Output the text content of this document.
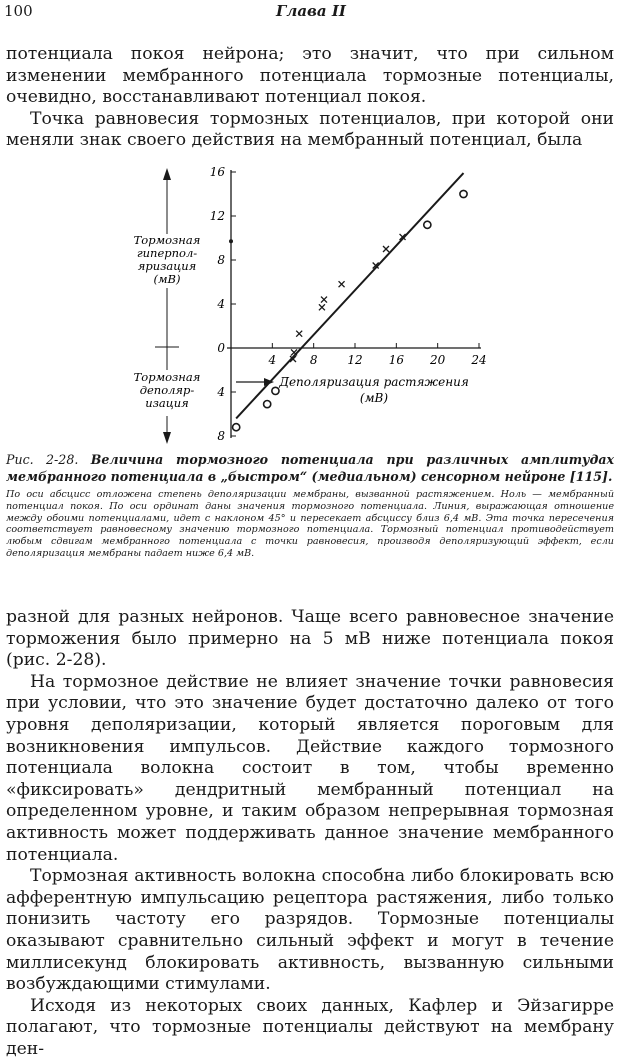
100	Глава II

потенциала покоя нейрона; это значит, что при сильном изменении мембранного потенциала тормозные потенциалы, очевидно, восстанавливают потенциал покоя.

Точка равновесия тормозных потенциалов, при которой они меняли знак своего действия на мембранный потенциал, была

Тормозная
гиперпол-
яризация
(мВ)
Тормозная
деполяр-
изация
16
12
8
4
0
4
8
4	8 12 16 20 24
Деполяризация растяжения
(мВ)

Рис. 2-28. Величина тормозного потенциала при различных амплитудах мембранного потенциала в „быстром“ (медиальном) сенсорном нейроне [115].

По оси абсцисс отложена степень деполяризации мембраны, вызванной растяжением. Ноль — мембранный потенциал покоя. По оси ординат даны значения тормозного потенциала. Линия, выражающая отношение между обоими потенциалами, идет с наклоном 45° и пересекает абсциссу близ 6,4 мВ. Эта точка пересечения соответствует равновесному значению тормозного потенциала. Тормозный потенциал противодействует любым сдвигам мембранного потенциала с точки равновесия, производя деполяризующий эффект, если деполяризация мембраны падает ниже 6,4 мВ.

разной для разных нейронов. Чаще всего равновесное значение торможения было примерно на 5 мВ ниже потенциала покоя (рис. 2-28).

На тормозное действие не влияет значение точки равновесия при условии, что это значение будет достаточно далеко от того уровня деполяризации, который является пороговым для возникновения импульсов. Действие каждого тормозного потенциала волокна состоит в том, чтобы временно «фиксировать» дендритный мембранный потенциал на определенном уровне, и таким образом непрерывная тормозная активность может поддерживать данное значение мембранного потенциала.

Тормозная активность волокна способна либо блокировать всю афферентную импульсацию рецептора растяжения, либо только понизить частоту его разрядов. Тормозные потенциалы оказывают сравнительно сильный эффект и могут в течение миллисекунд блокировать активность, вызванную сильными возбуждающими стимулами.

Исходя из некоторых своих данных, Кафлер и Эйзагирре полагают, что тормозные потенциалы действуют на мембрану ден-
